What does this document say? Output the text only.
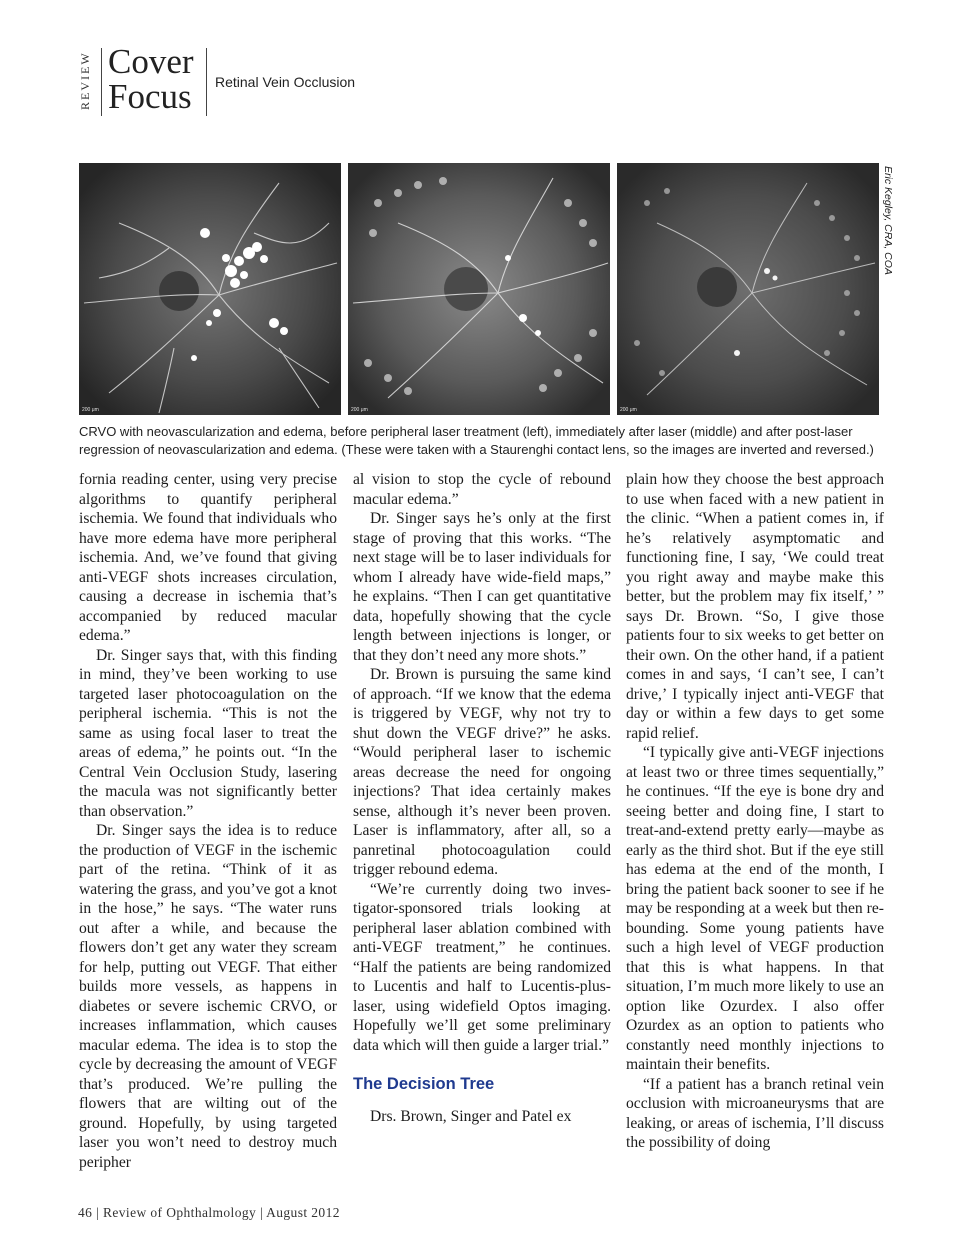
REVIEW Cover
Focus Retinal Vein Occlusion
200 μm	200 μm	200 μm
Eric Kegley, CRA, COA
CRVO with neovascularization and edema, before peripheral laser treatment (left), immediately after laser (middle) and after post-laser regression of neovascularization and edema. (These were taken with a Staurenghi contact lens, so the images are inverted and reversed.)

fornia reading center, using very precise algorithms to quantify peripheral ischemia. We found that individuals who have more edema have more peripheral ischemia. And, we’ve found that giving anti-VEGF shots increases circulation, causing a decrease in ischemia that’s accompanied by reduced macular edema.”

Dr. Singer says that, with this finding in mind, they’ve been working to use targeted laser photocoagulation on the peripheral ischemia. “This is not the same as using focal laser to treat the areas of edema,” he points out. “In the Central Vein Occlusion Study, lasering the macula was not significantly better than observation.”

Dr. Singer says the idea is to reduce the production of VEGF in the ischemic part of the retina. “Think of it as watering the grass, and you’ve got a knot in the hose,” he says. “The water runs out after a while, and because the flowers don’t get any water they scream for help, putting out VEGF. That either builds more vessels, as happens in diabetes or severe ischemic CRVO, or increases inflammation, which causes macular edema. The idea is to stop the cycle by decreasing the amount of VEGF that’s produced. We’re pulling the flowers that are wilting out of the ground. Hopefully, by using targeted laser you won’t need to destroy much peripher

al vision to stop the cycle of rebound macular edema.”

Dr. Singer says he’s only at the first stage of proving that this works. “The next stage will be to laser individuals for whom I already have wide-field maps,” he explains. “Then I can get quantitative data, hopefully showing that the cycle length between injections is longer, or that they don’t need any more shots.”

Dr. Brown is pursuing the same kind of approach. “If we know that the edema is triggered by VEGF, why not try to shut down the VEGF drive?” he asks. “Would peripheral laser to ischemic areas decrease the need for ongoing injections? That idea certainly makes sense, although it’s never been proven. Laser is inflammatory, after all, so a panretinal photocoagulation could trigger rebound edema.

“We’re currently doing two investigator-sponsored trials looking at peripheral laser ablation combined with anti-VEGF treatment,” he continues. “Half the patients are being randomized to Lucentis and half to Lucentis-plus-laser, using widefield Optos imaging. Hopefully we’ll get some preliminary data which will then guide a larger trial.”

The Decision Tree

Drs. Brown, Singer and Patel ex

plain how they choose the best approach to use when faced with a new patient in the clinic. “When a patient comes in, if he’s relatively asymptomatic and functioning fine, I say, ‘We could treat you right away and maybe make this better, but the problem may fix itself,’ ” says Dr. Brown. “So, I give those patients four to six weeks to get better on their own. On the other hand, if a patient comes in and says, ‘I can’t see, I can’t drive,’ I typically inject anti-VEGF that day or within a few days to get some rapid relief.

“I typically give anti-VEGF injections at least two or three times sequentially,” he continues. “If the eye is bone dry and seeing better and doing fine, I start to treat-and-extend pretty early—maybe as early as the third shot. But if the eye still has edema at the end of the month, I bring the patient back sooner to see if he may be responding at a week but then rebounding. Some young patients have such a high level of VEGF production that this is what happens. In that situation, I’m much more likely to use an option like Ozurdex. I also offer Ozurdex as an option to patients who constantly need monthly injections to maintain their benefits.

“If a patient has a branch retinal vein occlusion with microaneurysms that are leaking, or areas of ischemia, I’ll discuss the possibility of doing

46 | Review of Ophthalmology | August 2012
